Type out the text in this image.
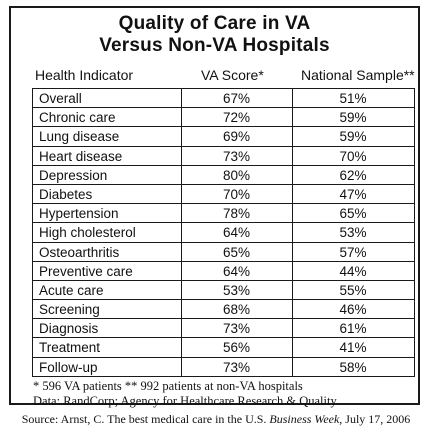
Quality of Care in VA
Versus Non-VA Hospitals
Health Indicator	VA Score*	National Sample**
Overall	67%	51%
Chronic care	72%	59%
Lung disease	69%	59%
Heart disease	73%	70%
Depression	80%	62%
Diabetes	70%	47%
Hypertension	78%	65%
High cholesterol	64%	53%
Osteoarthritis	65%	57%
Preventive care	64%	44%
Acute care	53%	55%
Screening	68%	46%
Diagnosis	73%	61%
Treatment	56%	41%
Follow-up	73%	58%
* 596 VA patients ** 992 patients at non-VA hospitals
Data: RandCorp; Agency for Healthcare Research & Quality
Source: Arnst, C. The best medical care in the U.S. Business Week, July 17, 2006
